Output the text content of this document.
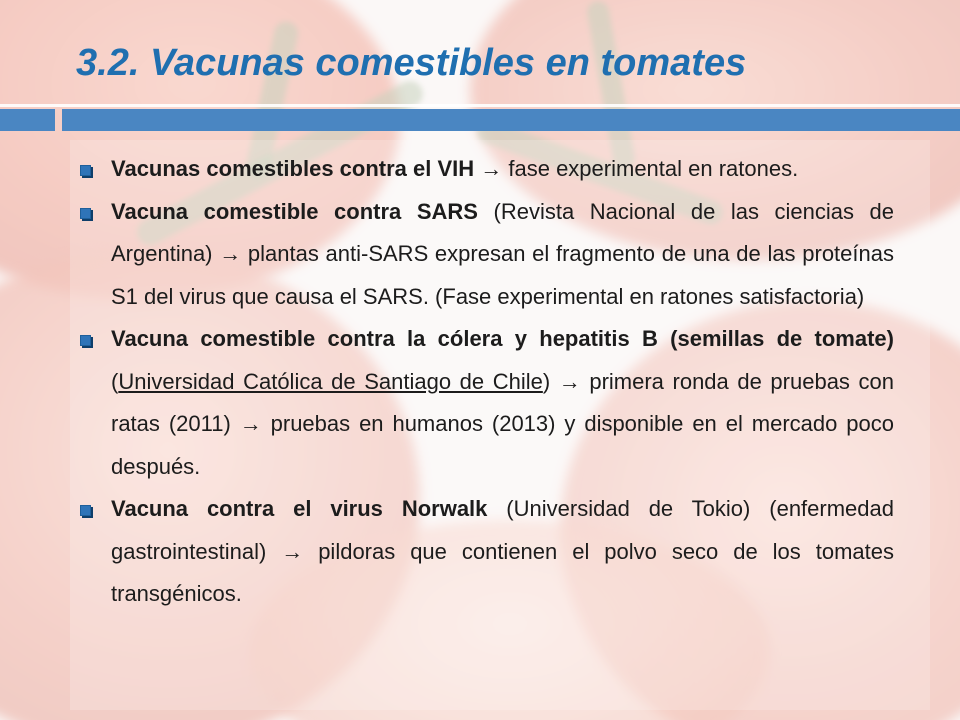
3.2. Vacunas comestibles en tomates
Vacunas comestibles contra el VIH → fase experimental en ratones.
Vacuna comestible contra SARS (Revista Nacional de las ciencias de Argentina) → plantas anti-SARS expresan el fragmento de una de las proteínas S1 del virus que causa el SARS. (Fase experimental en ratones satisfactoria)
Vacuna comestible contra la cólera y hepatitis B (semillas de tomate) (Universidad Católica de Santiago de Chile) → primera ronda de pruebas con ratas (2011) → pruebas en humanos (2013) y disponible en el mercado poco después.
Vacuna contra el virus Norwalk (Universidad de Tokio) (enfermedad gastrointestinal) → pildoras que contienen el polvo seco de los tomates transgénicos.
